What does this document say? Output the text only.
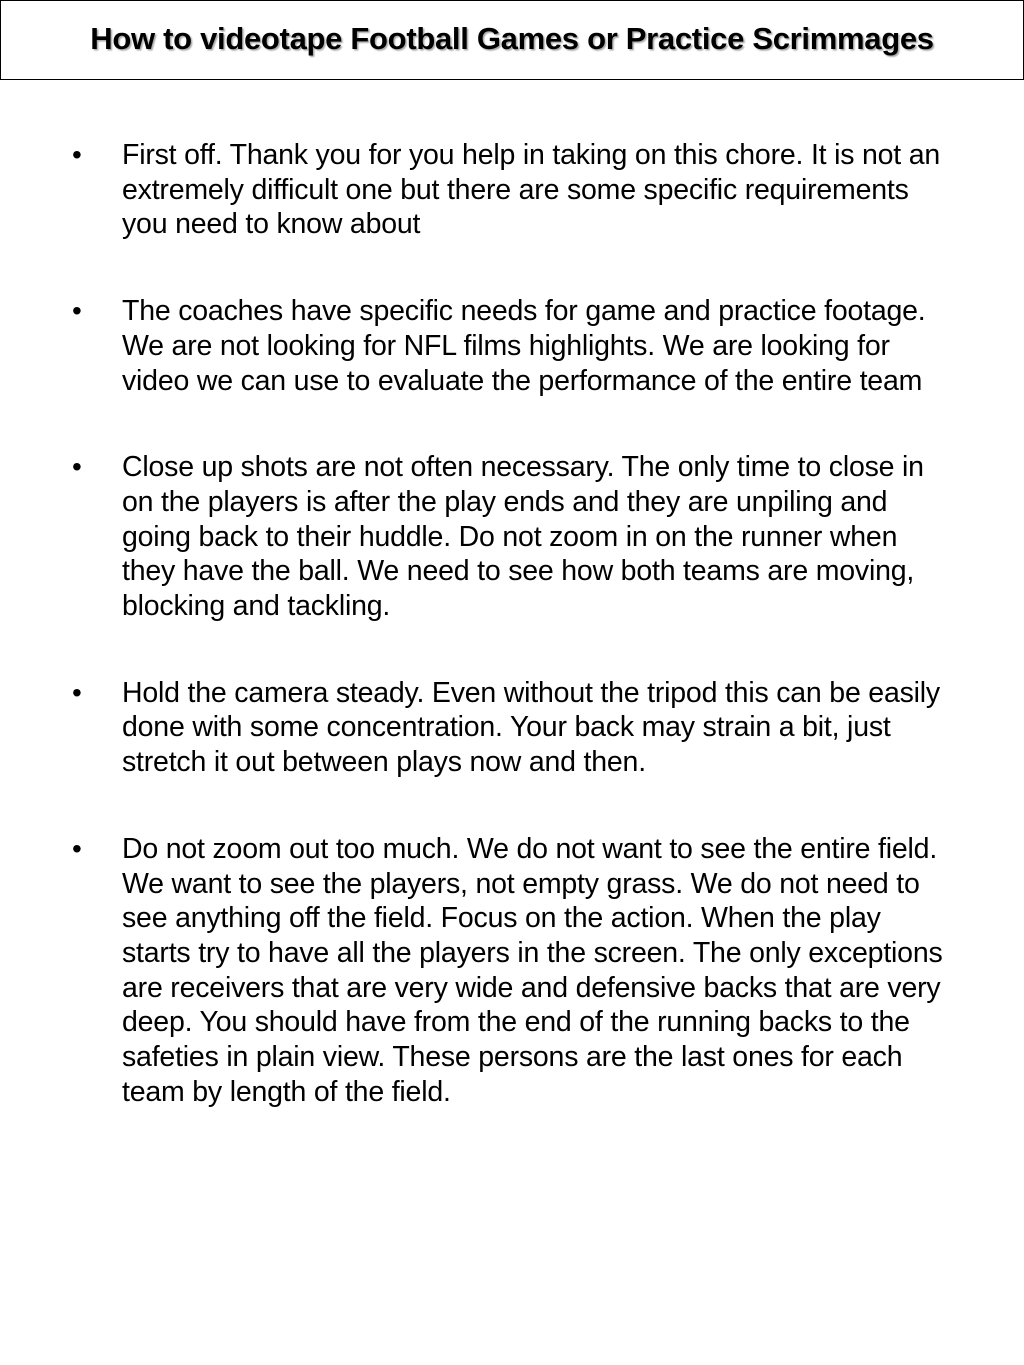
How to videotape Football Games or Practice Scrimmages
• First off. Thank you for you help in taking on this chore. It is not an extremely difficult one but there are some specific requirements you need to know about
• The coaches have specific needs for game and practice footage. We are not looking for NFL films highlights. We are looking for video we can use to evaluate the performance of the entire team
• Close up shots are not often necessary. The only time to close in on the players is after the play ends and they are unpiling and going back to their huddle. Do not zoom in on the runner when they have the ball. We need to see how both teams are moving, blocking and tackling.
• Hold the camera steady. Even without the tripod this can be easily done with some concentration. Your back may strain a bit, just stretch it out between plays now and then.
• Do not zoom out too much. We do not want to see the entire field. We want to see the players, not empty grass. We do not need to see anything off the field. Focus on the action. When the play starts try to have all the players in the screen. The only exceptions are receivers that are very wide and defensive backs that are very deep. You should have from the end of the running backs to the safeties in plain view. These persons are the last ones for each team by length of the field.
